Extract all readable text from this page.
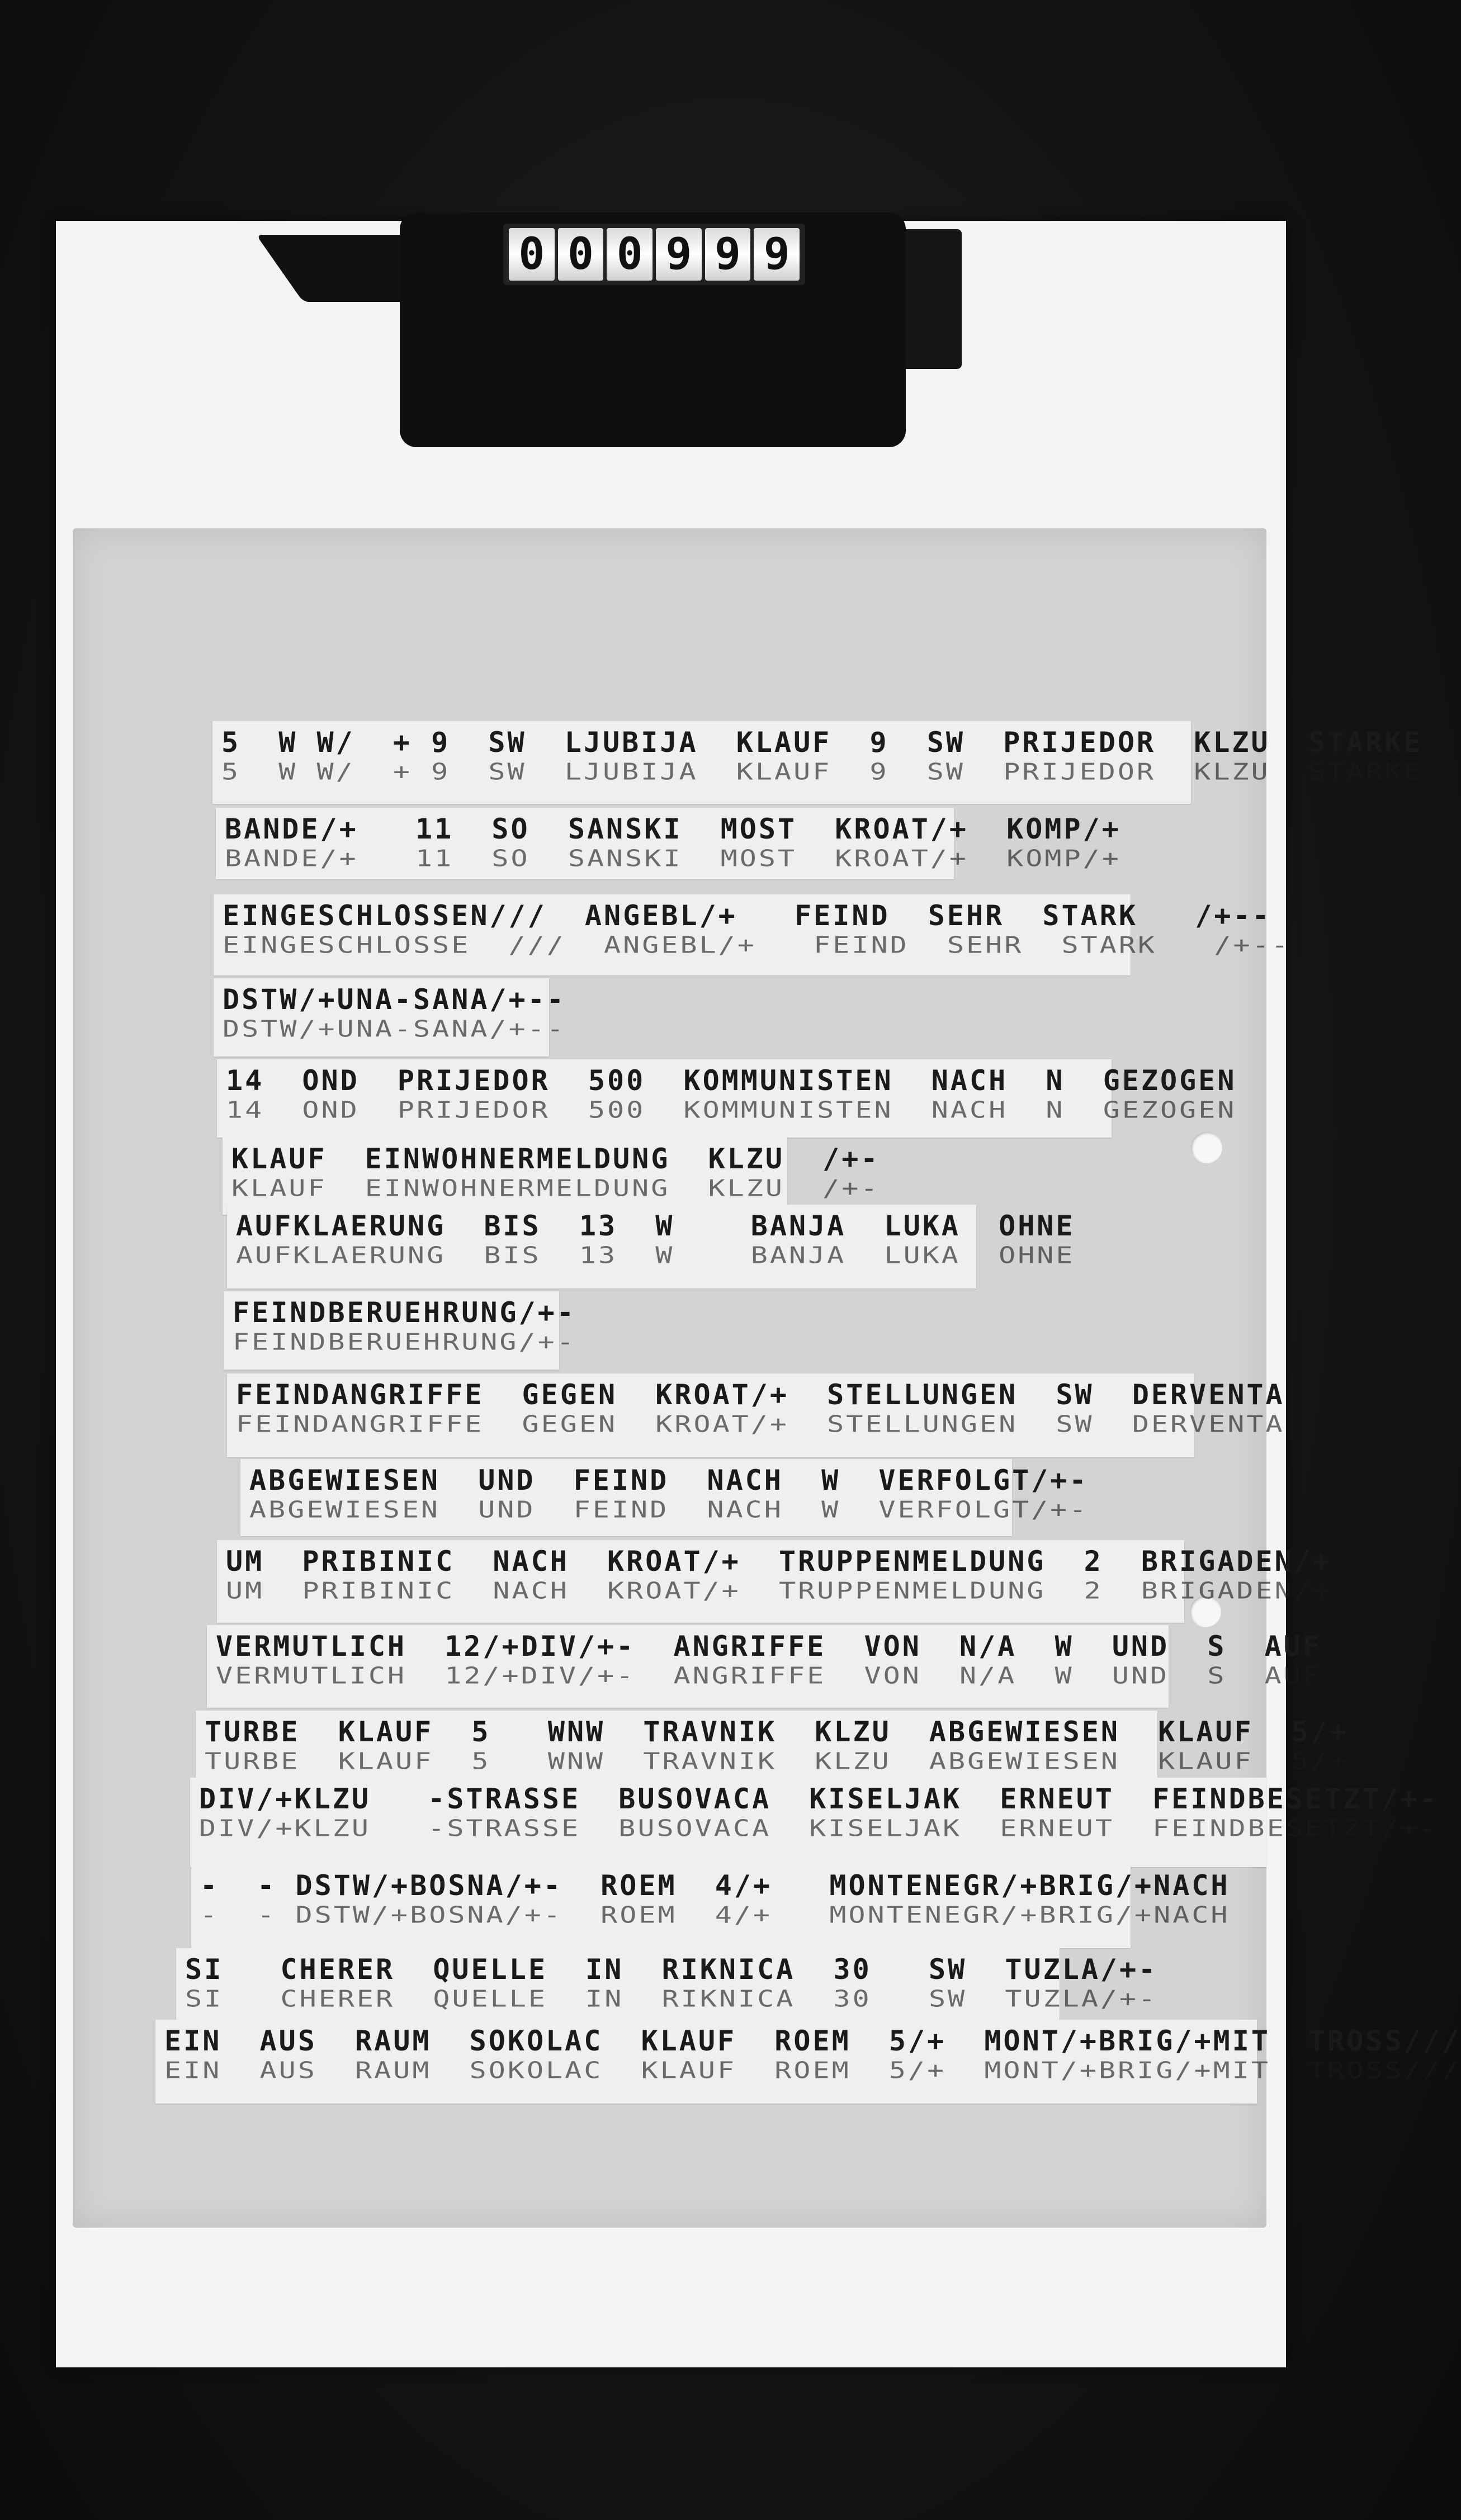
0 0 0 9 9 9
5  W W/  + 9  SW  LJUBIJA  KLAUF  9  SW  PRIJEDOR  KLZU  STARKE
5  W W/  + 9  SW  LJUBIJA  KLAUF  9  SW  PRIJEDOR  KLZU  STARKE
BANDE/+   11  SO  SANSKI  MOST  KROAT/+  KOMP/+
BANDE/+   11  SO  SANSKI  MOST  KROAT/+  KOMP/+
EINGESCHLOSSEN///  ANGEBL/+   FEIND  SEHR  STARK   /+--
EINGESCHLOSSE  ///  ANGEBL/+   FEIND  SEHR  STARK   /+--
DSTW/+UNA-SANA/+--
DSTW/+UNA-SANA/+--
14  OND  PRIJEDOR  500  KOMMUNISTEN  NACH  N  GEZOGEN
14  OND  PRIJEDOR  500  KOMMUNISTEN  NACH  N  GEZOGEN
KLAUF  EINWOHNERMELDUNG  KLZU  /+-
KLAUF  EINWOHNERMELDUNG  KLZU  /+-
AUFKLAERUNG  BIS  13  W    BANJA  LUKA  OHNE
AUFKLAERUNG  BIS  13  W    BANJA  LUKA  OHNE
FEINDBERUEHRUNG/+-
FEINDBERUEHRUNG/+-
FEINDANGRIFFE  GEGEN  KROAT/+  STELLUNGEN  SW  DERVENTA
FEINDANGRIFFE  GEGEN  KROAT/+  STELLUNGEN  SW  DERVENTA
ABGEWIESEN  UND  FEIND  NACH  W  VERFOLGT/+-
ABGEWIESEN  UND  FEIND  NACH  W  VERFOLGT/+-
UM  PRIBINIC  NACH  KROAT/+  TRUPPENMELDUNG  2  BRIGADEN/+
UM  PRIBINIC  NACH  KROAT/+  TRUPPENMELDUNG  2  BRIGADEN/+
VERMUTLICH  12/+DIV/+-  ANGRIFFE  VON  N/A  W  UND  S  AUF
VERMUTLICH  12/+DIV/+-  ANGRIFFE  VON  N/A  W  UND  S  AUF
TURBE  KLAUF  5   WNW  TRAVNIK  KLZU  ABGEWIESEN  KLAUF  5/+
TURBE  KLAUF  5   WNW  TRAVNIK  KLZU  ABGEWIESEN  KLAUF  5/+
DIV/+KLZU   -STRASSE  BUSOVACA  KISELJAK  ERNEUT  FEINDBESETZT/+-
DIV/+KLZU   -STRASSE  BUSOVACA  KISELJAK  ERNEUT  FEINDBESETZT/+-
-  - DSTW/+BOSNA/+-  ROEM  4/+   MONTENEGR/+BRIG/+NACH
-  - DSTW/+BOSNA/+-  ROEM  4/+   MONTENEGR/+BRIG/+NACH
SI   CHERER  QUELLE  IN  RIKNICA  30   SW  TUZLA/+-
SI   CHERER  QUELLE  IN  RIKNICA  30   SW  TUZLA/+-
EIN  AUS  RAUM  SOKOLAC  KLAUF  ROEM  5/+  MONT/+BRIG/+MIT  TROSS///
EIN  AUS  RAUM  SOKOLAC  KLAUF  ROEM  5/+  MONT/+BRIG/+MIT  TROSS///
